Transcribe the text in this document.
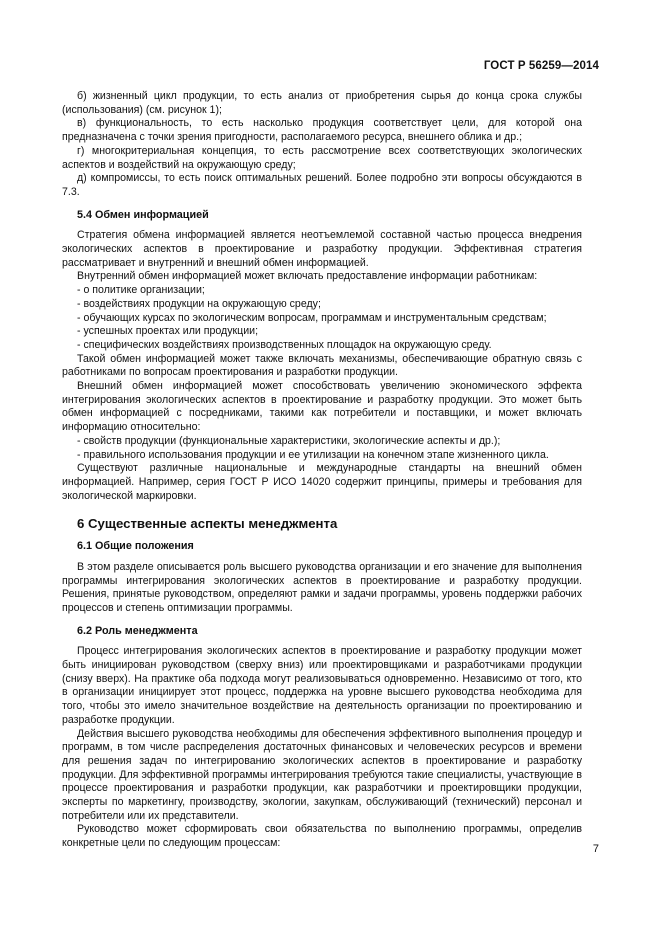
ГОСТ Р 56259—2014

б) жизненный цикл продукции, то есть анализ от приобретения сырья до конца срока службы (использования) (см. рисунок 1);

в) функциональность, то есть насколько продукция соответствует цели, для которой она предназначена с точки зрения пригодности, располагаемого ресурса, внешнего облика и др.;

г) многокритериальная концепция, то есть рассмотрение всех соответствующих экологических аспектов и воздействий на окружающую среду;

д) компромиссы, то есть поиск оптимальных решений. Более подробно эти вопросы обсуждаются в 7.3.

5.4 Обмен информацией

Стратегия обмена информацией является неотъемлемой составной частью процесса внедрения экологических аспектов в проектирование и разработку продукции. Эффективная стратегия рассматривает и внутренний и внешний обмен информацией.

Внутренний обмен информацией может включать предоставление информации работникам:

- о политике организации;

- воздействиях продукции на окружающую среду;

- обучающих курсах по экологическим вопросам, программам и инструментальным средствам;

- успешных проектах или продукции;

- специфических воздействиях производственных площадок на окружающую среду.

Такой обмен информацией может также включать механизмы, обеспечивающие обратную связь с работниками по вопросам проектирования и разработки продукции.

Внешний обмен информацией может способствовать увеличению экономического эффекта интегрирования экологических аспектов в проектирование и разработку продукции. Это может быть обмен информацией с посредниками, такими как потребители и поставщики, и может включать информацию относительно:

- свойств продукции (функциональные характеристики, экологические аспекты и др.);

- правильного использования продукции и ее утилизации на конечном этапе жизненного цикла.

Существуют различные национальные и международные стандарты на внешний обмен информацией. Например, серия ГОСТ Р ИСО 14020 содержит принципы, примеры и требования для экологической маркировки.

6 Существенные аспекты менеджмента
6.1 Общие положения

В этом разделе описывается роль высшего руководства организации и его значение для выполнения программы интегрирования экологических аспектов в проектирование и разработку продукции. Решения, принятые руководством, определяют рамки и задачи программы, уровень поддержки рабочих процессов и степень оптимизации программы.

6.2 Роль менеджмента

Процесс интегрирования экологических аспектов в проектирование и разработку продукции может быть инициирован руководством (сверху вниз) или проектировщиками и разработчиками продукции (снизу вверх). На практике оба подхода могут реализовываться одновременно. Независимо от того, кто в организации инициирует этот процесс, поддержка на уровне высшего руководства необходима для того, чтобы это имело значительное воздействие на деятельность организации по проектированию и разработке продукции.

Действия высшего руководства необходимы для обеспечения эффективного выполнения процедур и программ, в том числе распределения достаточных финансовых и человеческих ресурсов и времени для решения задач по интегрированию экологических аспектов в проектирование и разработку продукции. Для эффективной программы интегрирования требуются такие специалисты, участвующие в процессе проектирования и разработки продукции, как разработчики и проектировщики продукции, эксперты по маркетингу, производству, экологии, закупкам, обслуживающий (технический) персонал и потребители или их представители.

Руководство может сформировать свои обязательства по выполнению программы, определив конкретные цели по следующим процессам:	7
